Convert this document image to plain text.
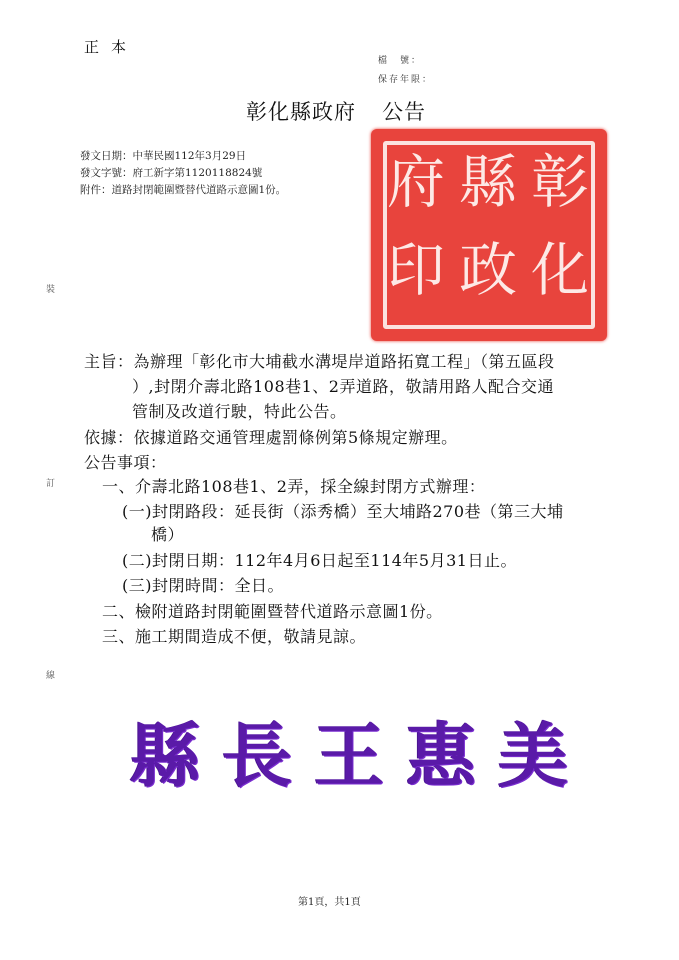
正本
檔　號：
保存年限：
彰化縣政府 公告
發文日期：中華民國112年3月29日
發文字號：府工新字第1120118824號
附件：道路封閉範圍暨替代道路示意圖1份。	彰
縣
府
化
政
印
裝
訂
線
主旨：為辦理「彰化市大埔截水溝堤岸道路拓寬工程」（第五區段
）,封閉介壽北路108巷1、2弄道路，敬請用路人配合交通
管制及改道行駛，特此公告。
依據：依據道路交通管理處罰條例第5條規定辦理。
公告事項：
一、介壽北路108巷1、2弄，採全線封閉方式辦理：
(一)封閉路段：延長街（添秀橋）至大埔路270巷（第三大埔
橋）
(二)封閉日期：112年4月6日起至114年5月31日止。
(三)封閉時間：全日。
二、檢附道路封閉範圍暨替代道路示意圖1份。
三、施工期間造成不便，敬請見諒。
縣長王惠美
第1頁，共1頁
